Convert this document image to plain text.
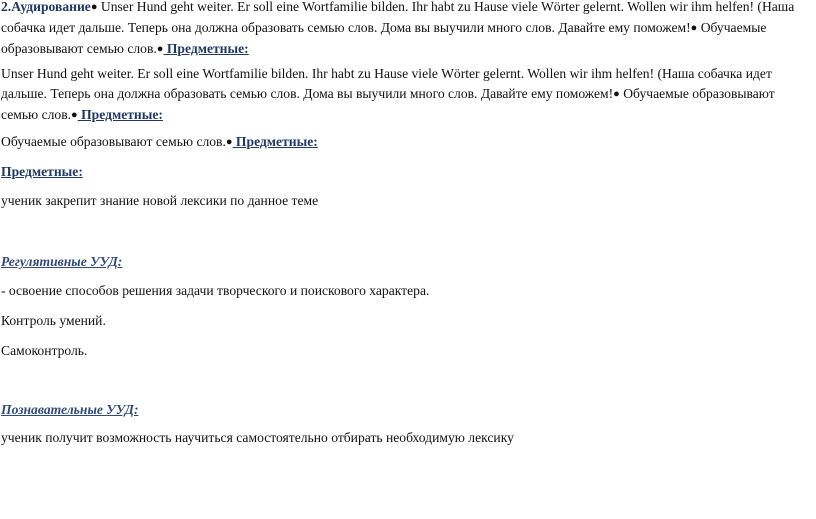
2.Аудирование● Unser Hund geht weiter. Er soll eine Wortfamilie bilden. Ihr habt zu Hause viele Wörter gelernt. Wollen wir ihm helfen! (Наша собачка идет дальше. Теперь она должна образовать семью слов. Дома вы выучили много слов. Давайте ему поможем!● Обучаемые образовывают семью слов.● Предметные:

Unser Hund geht weiter. Er soll eine Wortfamilie bilden. Ihr habt zu Hause viele Wörter gelernt. Wollen wir ihm helfen! (Наша собачка идет дальше. Теперь она должна образовать семью слов. Дома вы выучили много слов. Давайте ему поможем!● Обучаемые образовывают семью слов.● Предметные:

Обучаемые образовывают семью слов.● Предметные:

Предметные:

ученик закрепит знание новой лексики по данное теме

Регулятивные УУД:

- освоение способов решения задачи творческого и поискового характера.

Контроль умений.

Самоконтроль.

Познавательные УУД:

ученик получит возможность научиться самостоятельно отбирать необходимую лексику
